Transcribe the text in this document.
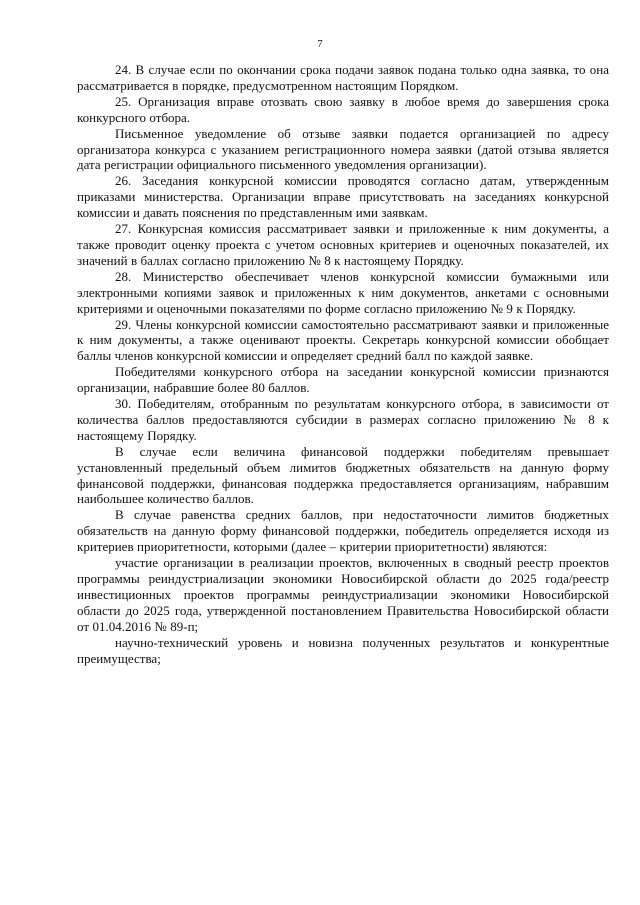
7

24. В случае если по окончании срока подачи заявок подана только одна заявка, то она рассматривается в порядке, предусмотренном настоящим Порядком.

25. Организация вправе отозвать свою заявку в любое время до завершения срока конкурсного отбора.

Письменное уведомление об отзыве заявки подается организацией по адресу организатора конкурса с указанием регистрационного номера заявки (датой отзыва является дата регистрации официального письменного уведомления организации).

26. Заседания конкурсной комиссии проводятся согласно датам, утвержденным приказами министерства. Организации вправе присутствовать на заседаниях конкурсной комиссии и давать пояснения по представленным ими заявкам.

27. Конкурсная комиссия рассматривает заявки и приложенные к ним документы, а также проводит оценку проекта с учетом основных критериев и оценочных показателей, их значений в баллах согласно приложению № 8 к настоящему Порядку.

28. Министерство обеспечивает членов конкурсной комиссии бумажными или электронными копиями заявок и приложенных к ним документов, анкетами с основными критериями и оценочными показателями по форме согласно приложению № 9 к Порядку.

29. Члены конкурсной комиссии самостоятельно рассматривают заявки и приложенные к ним документы, а также оценивают проекты. Секретарь конкурсной комиссии обобщает баллы членов конкурсной комиссии и определяет средний балл по каждой заявке.

Победителями конкурсного отбора на заседании конкурсной комиссии признаются организации, набравшие более 80 баллов.

30. Победителям, отобранным по результатам конкурсного отбора, в зависимости от количества баллов предоставляются субсидии в размерах согласно приложению № 8 к настоящему Порядку.

В случае если величина финансовой поддержки победителям превышает установленный предельный объем лимитов бюджетных обязательств на данную форму финансовой поддержки, финансовая поддержка предоставляется организациям, набравшим наибольшее количество баллов.

В случае равенства средних баллов, при недостаточности лимитов бюджетных обязательств на данную форму финансовой поддержки, победитель определяется исходя из критериев приоритетности, которыми (далее – критерии приоритетности) являются:

участие организации в реализации проектов, включенных в сводный реестр проектов программы реиндустриализации экономики Новосибирской области до 2025 года/реестр инвестиционных проектов программы реиндустриализации экономики Новосибирской области до 2025 года, утвержденной постановлением Правительства Новосибирской области от 01.04.2016 № 89-п;

научно-технический уровень и новизна полученных результатов и конкурентные преимущества;
